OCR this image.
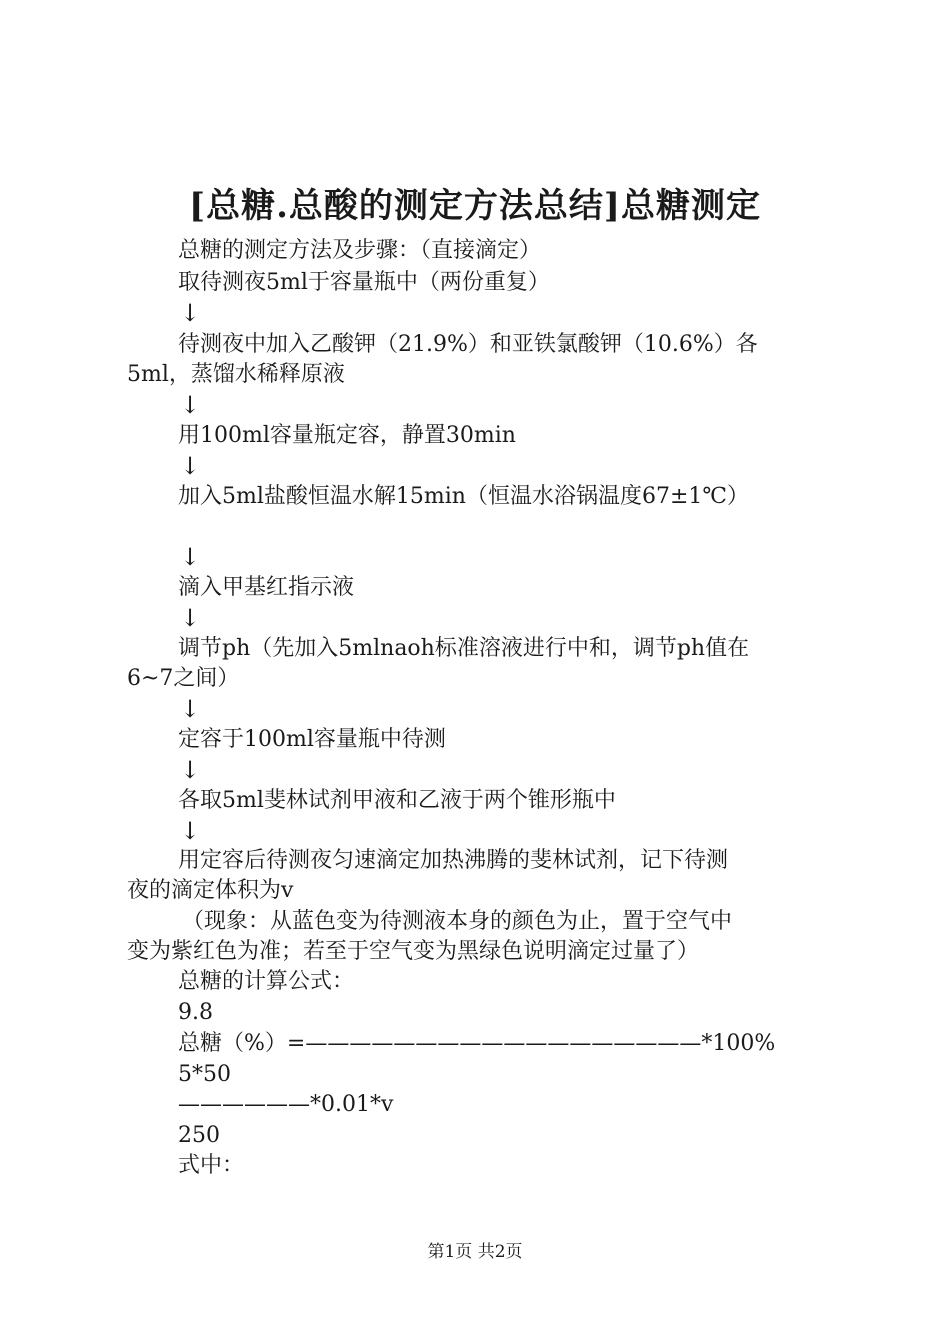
[总糖.总酸的测定方法总结]总糖测定
总糖的测定方法及步骤：（直接滴定）
取待测夜5ml于容量瓶中（两份重复）
↓
待测夜中加入乙酸钾（21.9%）和亚铁氯酸钾（10.6%）各
5ml，蒸馏水稀释原液
↓
用100ml容量瓶定容，静置30min
↓
加入5ml盐酸恒温水解15min（恒温水浴锅温度67±1℃）
↓
滴入甲基红指示液
↓
调节ph（先加入5mlnaoh标准溶液进行中和，调节ph值在
6~7之间）
↓
定容于100ml容量瓶中待测
↓
各取5ml斐林试剂甲液和乙液于两个锥形瓶中
↓
用定容后待测夜匀速滴定加热沸腾的斐林试剂，记下待测
夜的滴定体积为v
（现象：从蓝色变为待测液本身的颜色为止，置于空气中
变为紫红色为准；若至于空气变为黑绿色说明滴定过量了）
总糖的计算公式：
9.8
总糖（%）=——————————————————*100%
5*50
——————*0.01*v
250
式中：
第1页 共2页
